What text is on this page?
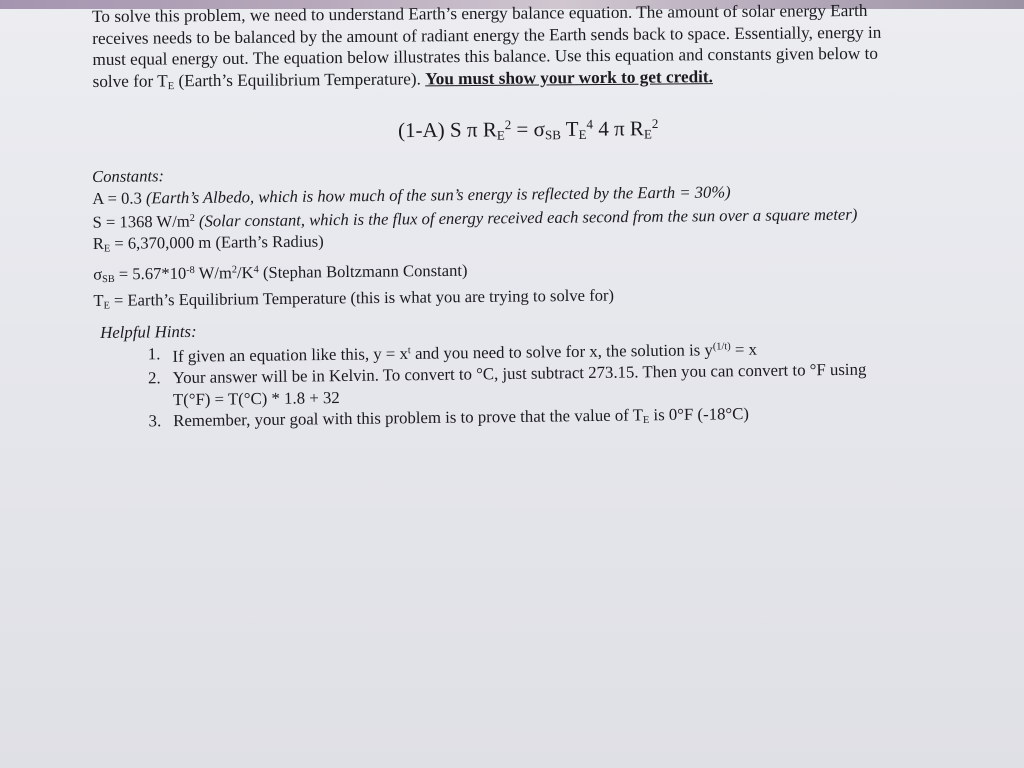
To solve this problem, we need to understand Earth’s energy balance equation. The amount of solar energy Earth
receives needs to be balanced by the amount of radiant energy the Earth sends back to space. Essentially, energy in
must equal energy out. The equation below illustrates this balance. Use this equation and constants given below to
solve for $T_E$ (Earth’s Equilibrium Temperature). You must show your work to get credit.
(1-A) S π $R_E^2 = \sigma_{SB}$ $T_E^4$ 4 π $R_E^2$
Constants:
A = 0.3 (Earth’s Albedo, which is how much of the sun’s energy is reflected by the Earth = 30%)
S = 1368 $W/m^2$ (Solar constant, which is the flux of energy received each second from the sun over a square meter)
$R_E = 6,370,000$ m (Earth’s Radius)
$\sigma_{SB} = 5.67*10^{-8}$ $W/m^2/K^4$ (Stephan Boltzmann Constant)
$T_E$ = Earth’s Equilibrium Temperature (this is what you are trying to solve for)
Helpful Hints:
1. If given an equation like this, $y = x^t$ and you need to solve for x, the solution is $y^{(1/t)} = x$
2. Your answer will be in Kelvin. To convert to °C, just subtract 273.15. Then you can convert to °F using
T(°F) = T(°C) * 1.8 + 32
3. Remember, your goal with this problem is to prove that the value of $T_E$ is 0°F (-18°C)
